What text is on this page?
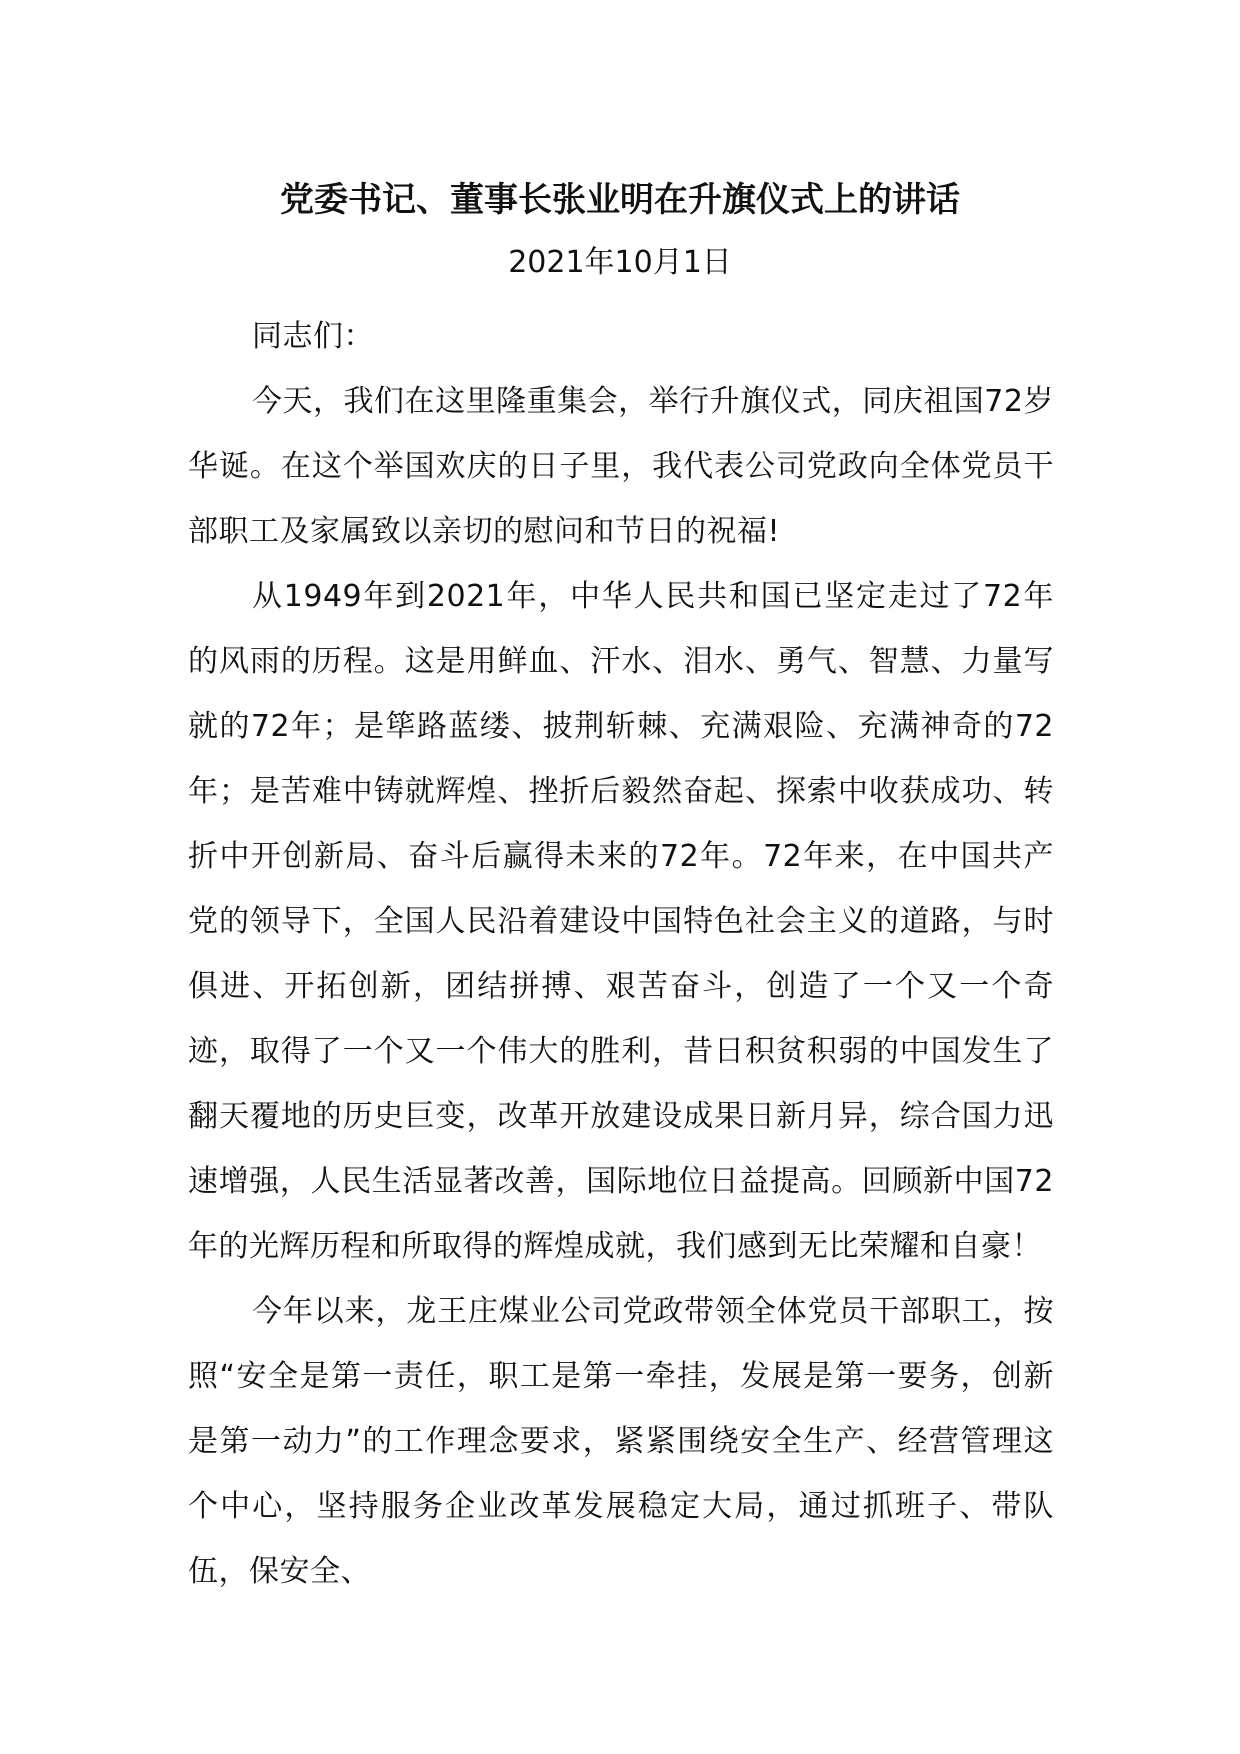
党委书记、董事长张业明在升旗仪式上的讲话
2021年10月1日

同志们：

今天，我们在这里隆重集会，举行升旗仪式，同庆祖国72岁华诞。在这个举国欢庆的日子里，我代表公司党政向全体党员干部职工及家属致以亲切的慰问和节日的祝福!

从1949年到2021年，中华人民共和国已坚定走过了72年的风雨的历程。这是用鲜血、汗水、泪水、勇气、智慧、力量写就的72年；是筚路蓝缕、披荆斩棘、充满艰险、充满神奇的72年；是苦难中铸就辉煌、挫折后毅然奋起、探索中收获成功、转折中开创新局、奋斗后赢得未来的72年。72年来，在中国共产党的领导下，全国人民沿着建设中国特色社会主义的道路，与时俱进、开拓创新，团结拼搏、艰苦奋斗，创造了一个又一个奇迹，取得了一个又一个伟大的胜利，昔日积贫积弱的中国发生了翻天覆地的历史巨变，改革开放建设成果日新月异，综合国力迅速增强，人民生活显著改善，国际地位日益提高。回顾新中国72年的光辉历程和所取得的辉煌成就，我们感到无比荣耀和自豪！

今年以来，龙王庄煤业公司党政带领全体党员干部职工，按照“安全是第一责任，职工是第一牵挂，发展是第一要务，创新是第一动力”的工作理念要求，紧紧围绕安全生产、经营管理这个中心，坚持服务企业改革发展稳定大局，通过抓班子、带队伍，保安全、
